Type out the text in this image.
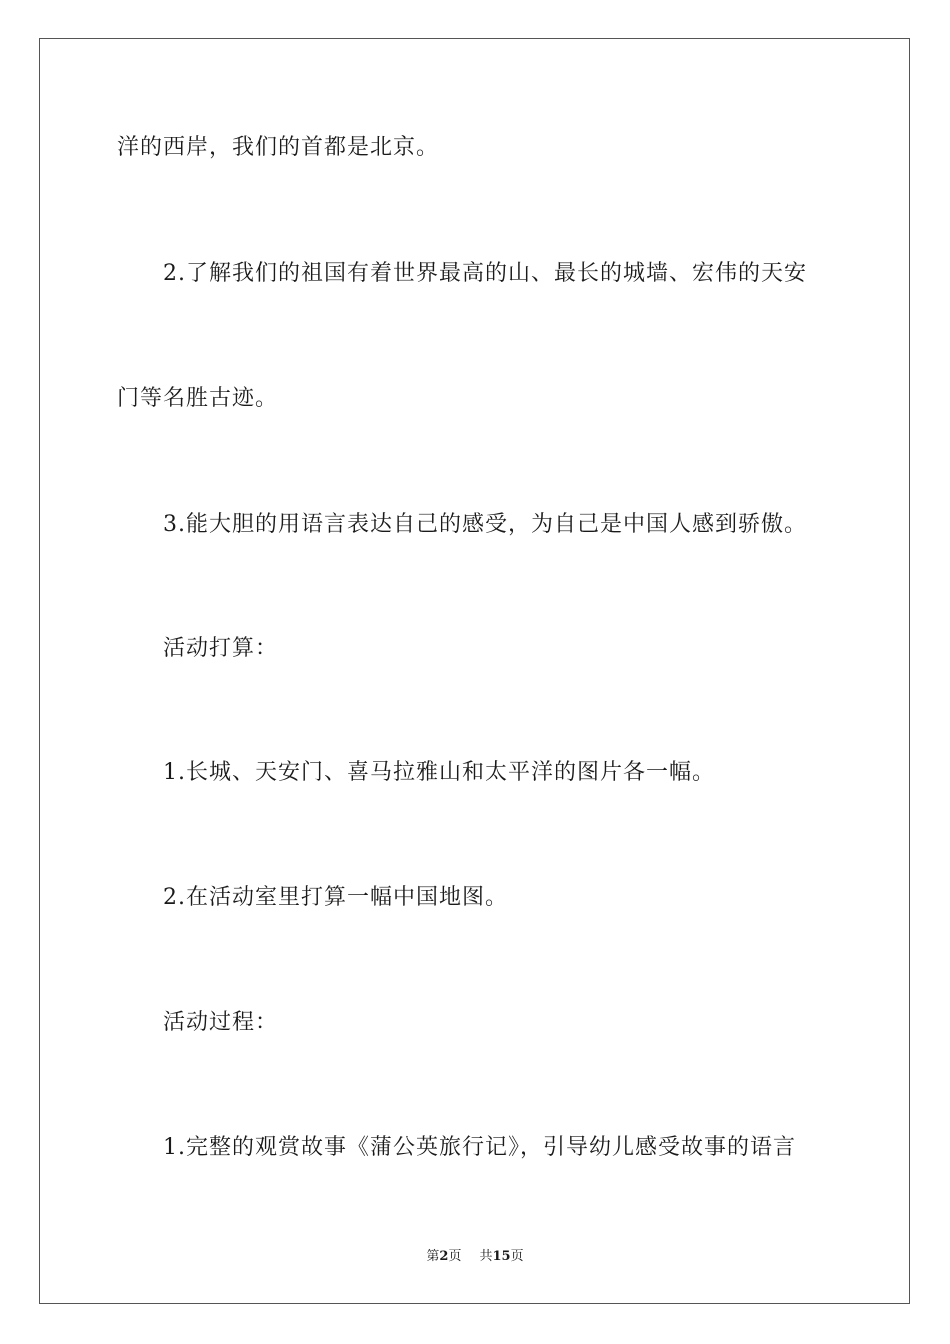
洋的西岸，我们的首都是北京。
2.了解我们的祖国有着世界最高的山、最长的城墙、宏伟的天安
门等名胜古迹。
3.能大胆的用语言表达自己的感受，为自己是中国人感到骄傲。
活动打算：
1.长城、天安门、喜马拉雅山和太平洋的图片各一幅。
2.在活动室里打算一幅中国地图。
活动过程：
1.完整的观赏故事《蒲公英旅行记》，引导幼儿感受故事的语言
第2页 共15页
